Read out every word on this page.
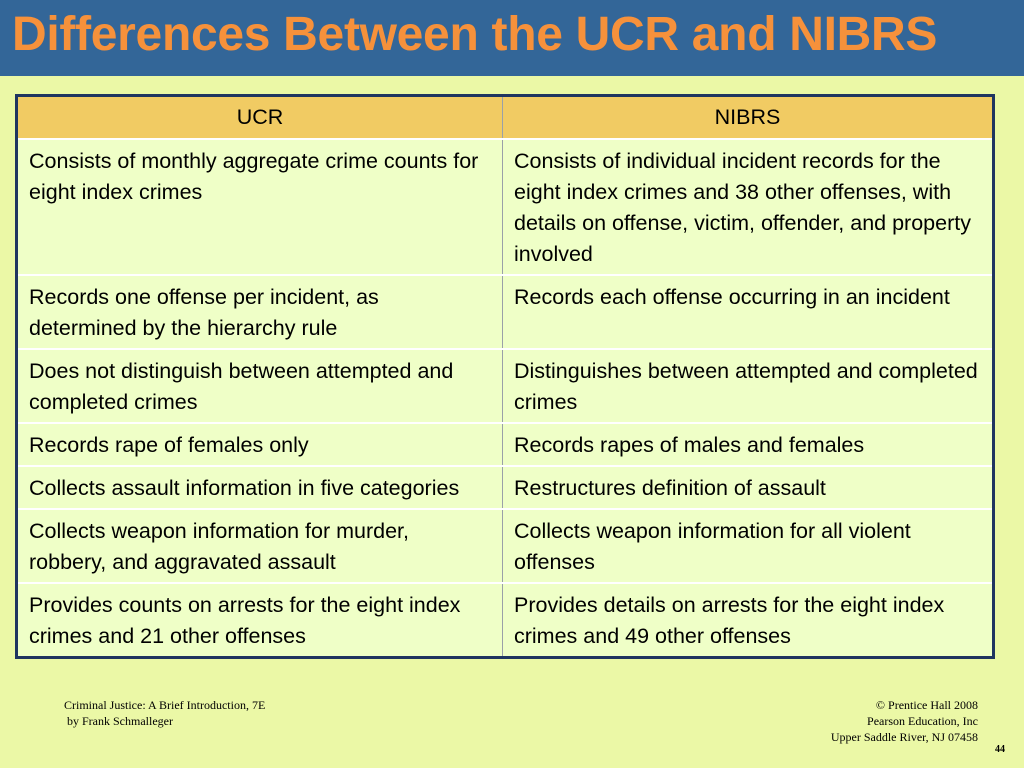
Differences Between the UCR and NIBRS
UCR	NIBRS
Consists of monthly aggregate crime counts for eight index crimes	Consists of individual incident records for the eight index crimes and 38 other offenses, with details on offense, victim, offender, and property involved
Records one offense per incident, as determined by the hierarchy rule	Records each offense occurring in an incident
Does not distinguish between attempted and completed crimes	Distinguishes between attempted and completed crimes
Records rape of females only	Records rapes of males and females
Collects assault information in five categories	Restructures definition of assault
Collects weapon information for murder, robbery, and aggravated assault	Collects weapon information for all violent offenses
Provides counts on arrests for the eight index crimes and 21 other offenses	Provides details on arrests for the eight index crimes and 49 other offenses
Criminal Justice: A Brief Introduction, 7E
by Frank Schmalleger
© Prentice Hall 2008
Pearson Education, Inc
Upper Saddle River, NJ 07458
44
